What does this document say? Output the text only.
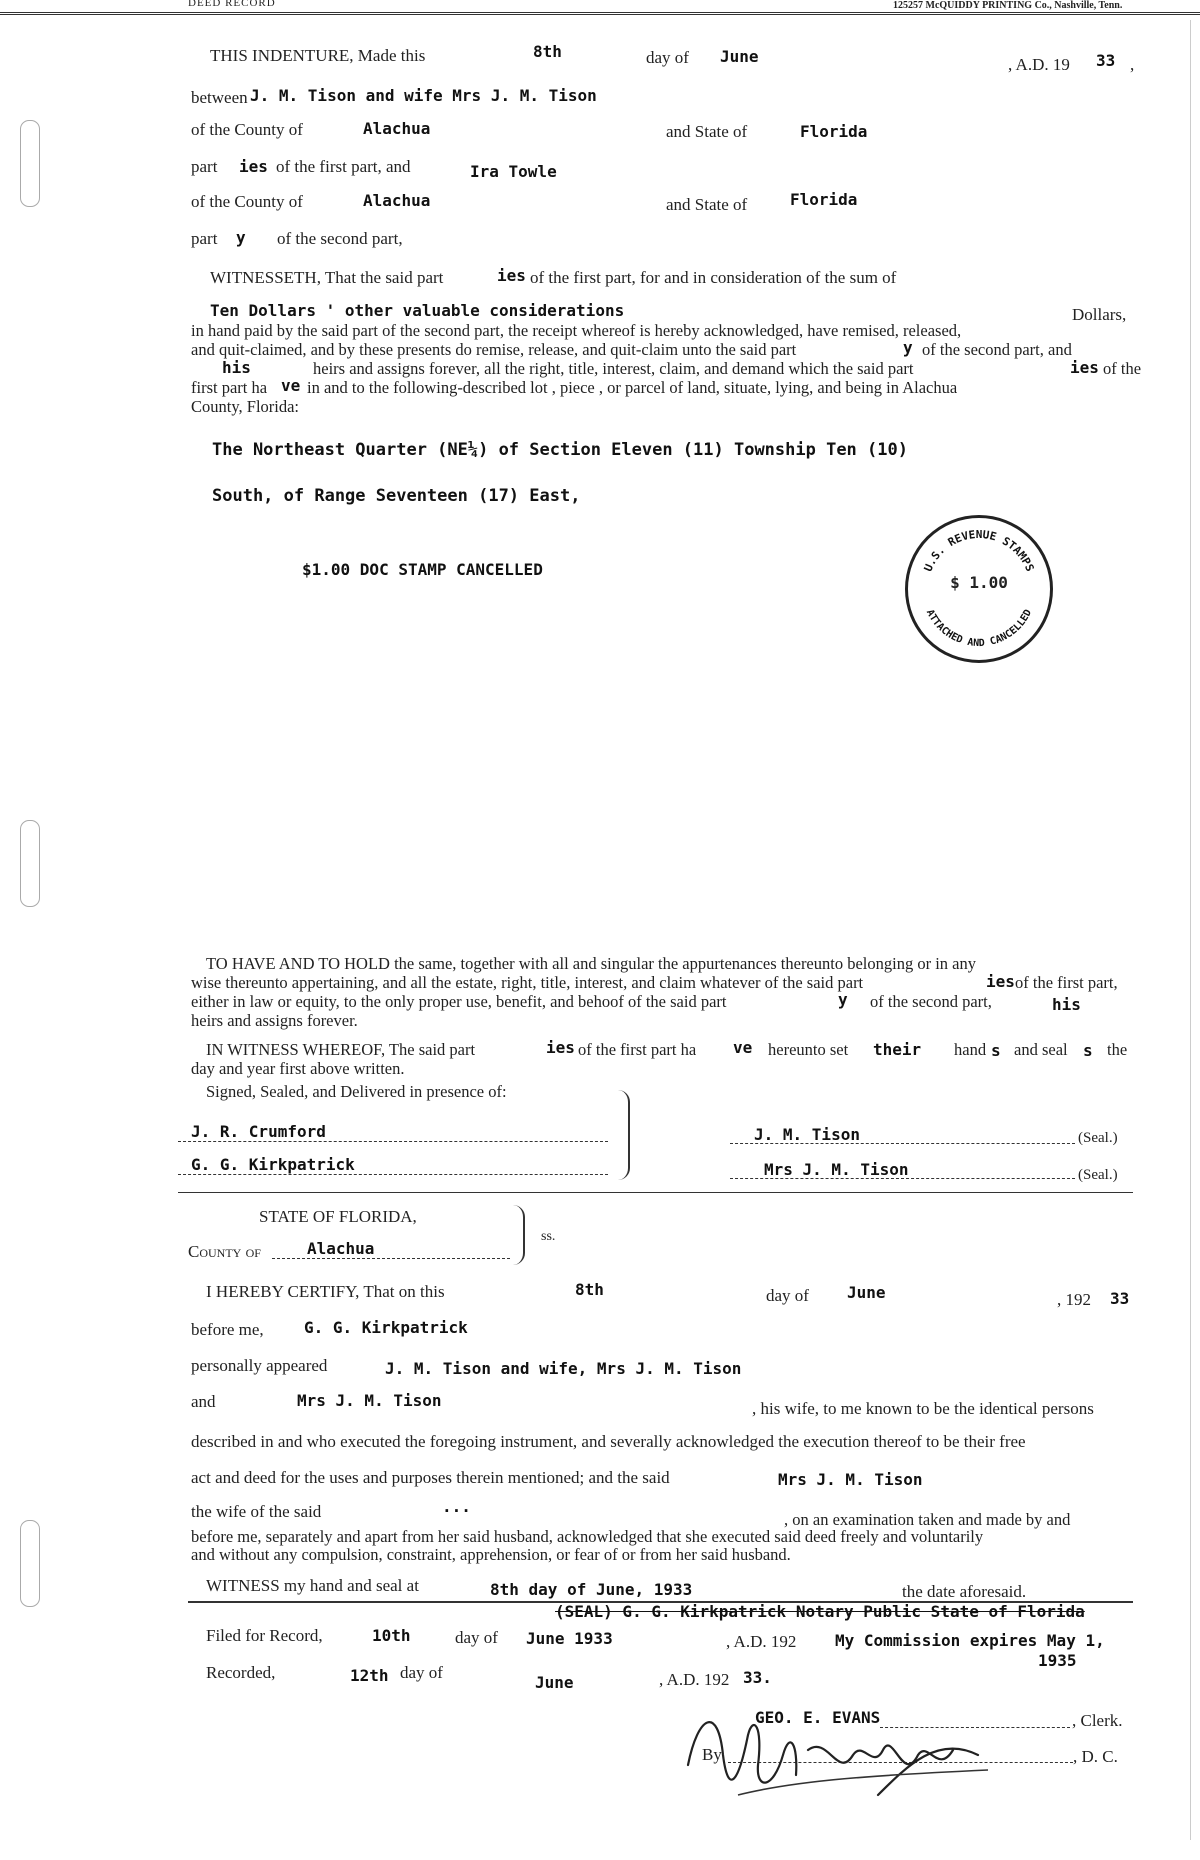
DEED RECORD	125257 McQUIDDY PRINTING Co., Nashville, Tenn.
THIS INDENTURE, Made this	8th	day of June	, A.D. 19 33 ,
between J. M. Tison and wife Mrs J. M. Tison
of the County of	Alachua	and State of	Florida
part ies of the first part, and	Ira Towle
of the County of	Alachua	and State of	Florida
part y of the second part,
WITNESSETH, That the said part	ies of the first part, for and in consideration of the sum of
Ten Dollars ' other valuable considerations	Dollars,
in hand paid by the said part of the second part, the receipt whereof is hereby acknowledged, have remised, released,
and quit-claimed, and by these presents do remise, release, and quit-claim unto the said part	y of the second part, and
his	heirs and assigns forever, all the right, title, interest, claim, and demand which the said part	ies of the
first part ha ve in and to the following-described lot , piece , or parcel of land, situate, lying, and being in Alachua
County, Florida:
The Northeast Quarter (NE¼) of Section Eleven (11) Township Ten (10)
South, of Range Seventeen (17) East,
$1.00 DOC STAMP CANCELLED	U.S. REVENUE STAMPS
ATTACHED AND CANCELLED
$ 1.00
TO HAVE AND TO HOLD the same, together with all and singular the appurtenances thereunto belonging or in any
wise thereunto appertaining, and all the estate, right, title, interest, and claim whatever of the said part	ies of the first part,
either in law or equity, to the only proper use, benefit, and behoof of the said part	y of the second part,	his
heirs and assigns forever.
IN WITNESS WHEREOF, The said part	ies of the first part ha ve hereunto set their hand s and seal s the
day and year first above written.
Signed, Sealed, and Delivered in presence of:
J. R. Crumford
G. G. Kirkpatrick
J. M. Tison	(Seal.)
Mrs J. M. Tison	(Seal.)
STATE OF FLORIDA,
County of	Alachua
ss.
I HEREBY CERTIFY, That on this	8th	day of June	, 192 33
before me,	G. G. Kirkpatrick
personally appeared	J. M. Tison and wife, Mrs J. M. Tison
and	Mrs J. M. Tison	, his wife, to me known to be the identical persons
described in and who executed the foregoing instrument, and severally acknowledged the execution thereof to be their free
act and deed for the uses and purposes therein mentioned; and the said	Mrs J. M. Tison
the wife of the said	...
, on an examination taken and made by and
before me, separately and apart from her said husband, acknowledged that she executed said deed freely and voluntarily
and without any compulsion, constraint, apprehension, or fear of or from her said husband.
WITNESS my hand and seal at	8th day of June, 1933	the date aforesaid.
(SEAL) G. G. Kirkpatrick Notary Public State of Florida
Filed for Record,	10th	day of June 1933	, A.D. 192 My Commission expires May 1,
1935
Recorded,	12th day of
June	, A.D. 192 33.
GEO. E. EVANS	, Clerk.
By	, D. C.
